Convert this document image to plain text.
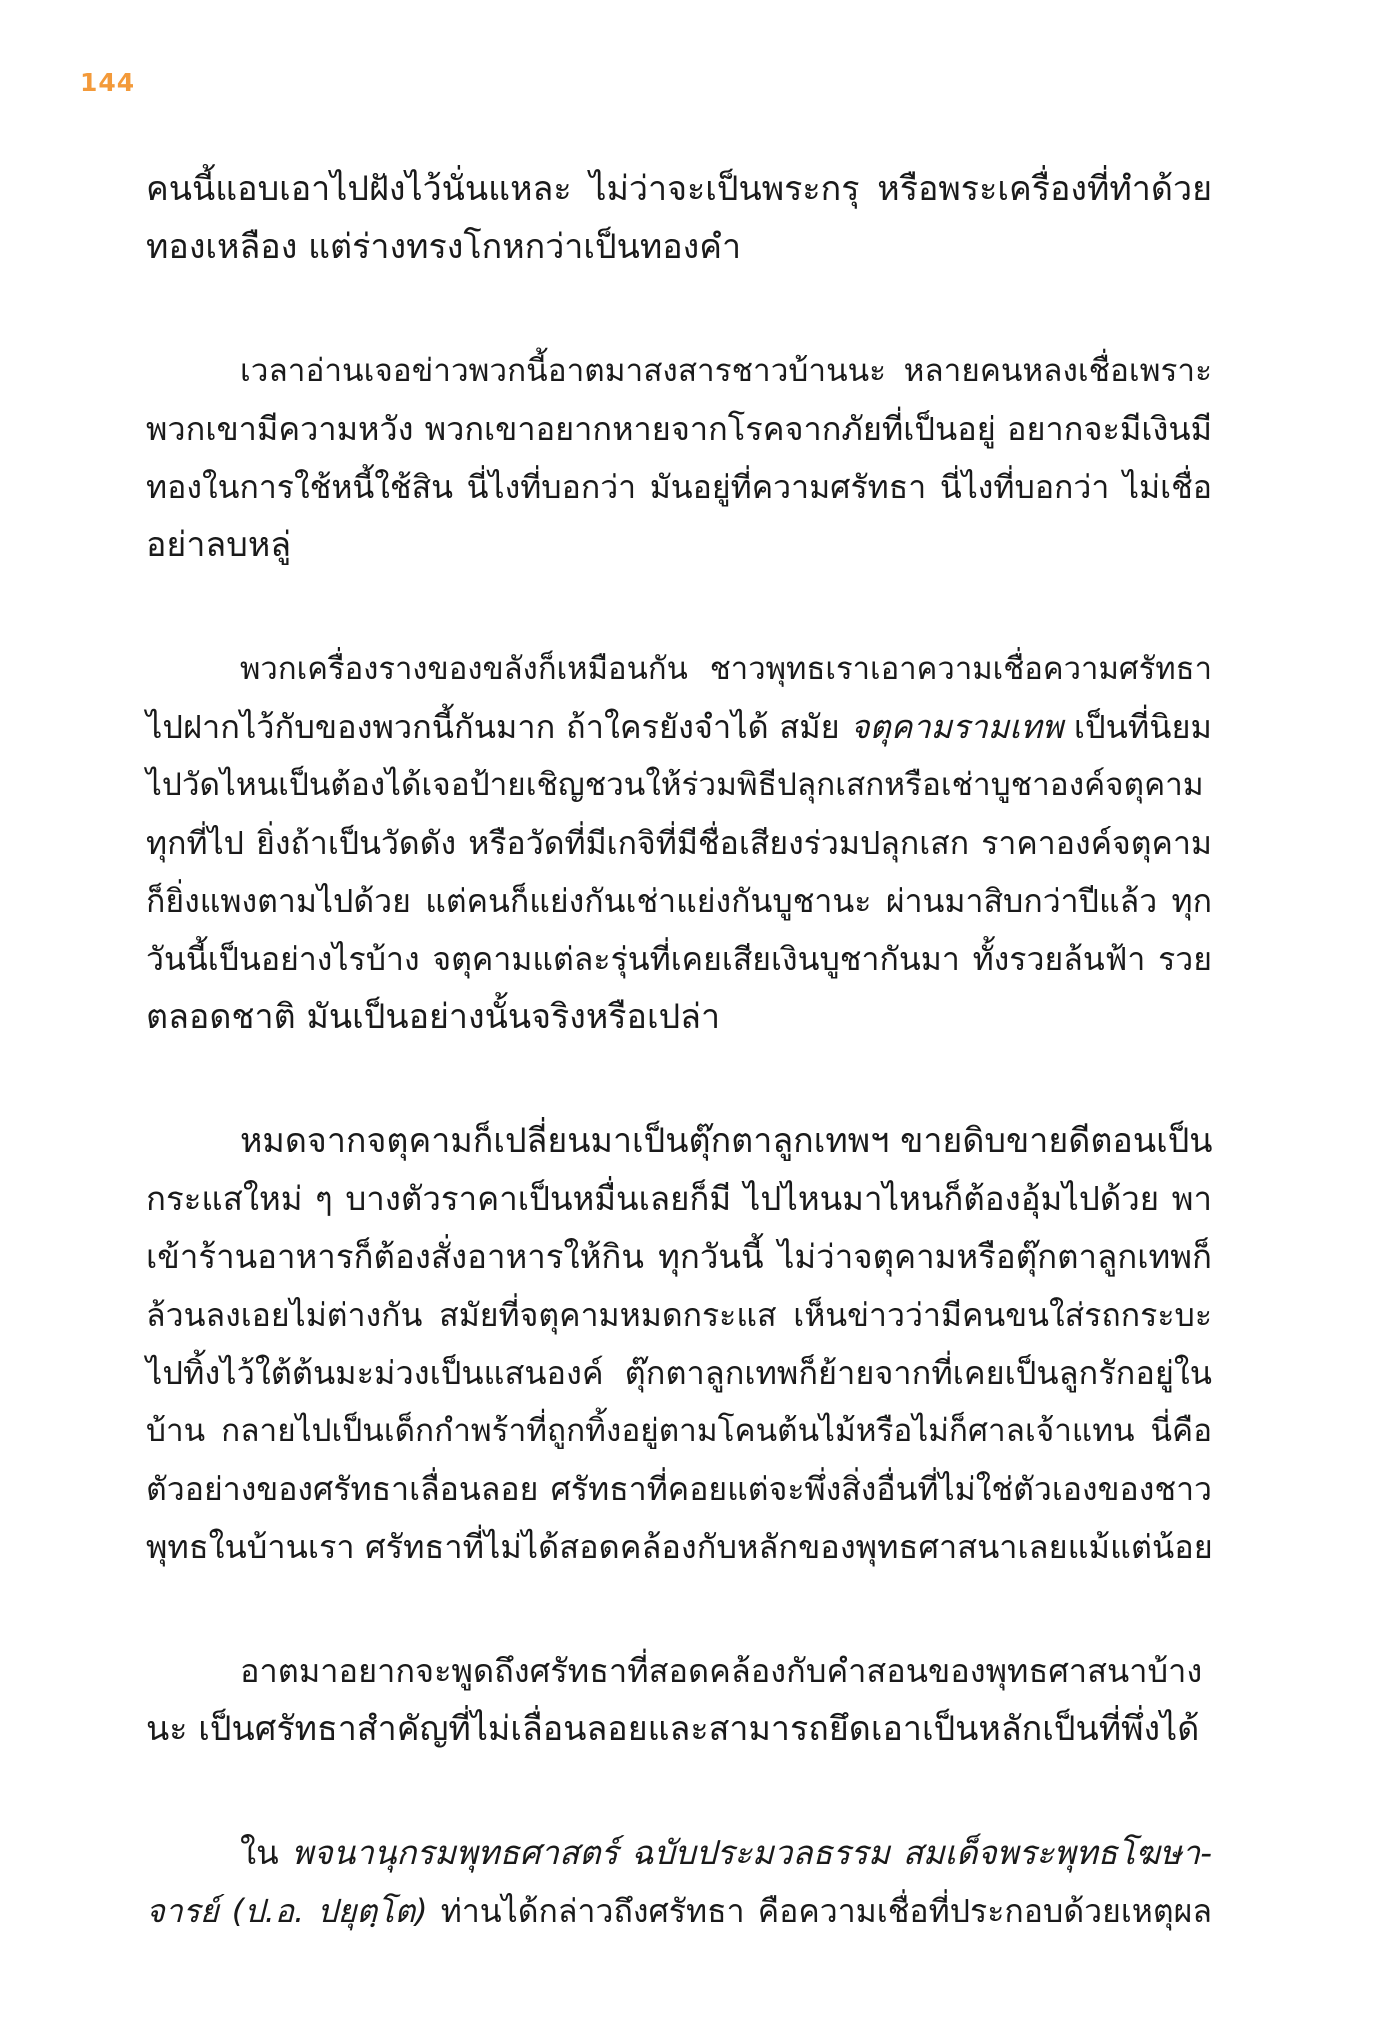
144
คนนี้แอบเอาไปฝังไว้นั่นแหละ ไม่ว่าจะเป็นพระกรุ หรือพระเครื่องที่ทำด้วย
ทองเหลือง แต่ร่างทรงโกหกว่าเป็นทองคำ
เวลาอ่านเจอข่าวพวกนี้อาตมาสงสารชาวบ้านนะ หลายคนหลงเชื่อเพราะ
พวกเขามีความหวัง พวกเขาอยากหายจากโรคจากภัยที่เป็นอยู่ อยากจะมีเงินมี
ทองในการใช้หนี้ใช้สิน นี่ไงที่บอกว่า มันอยู่ที่ความศรัทธา นี่ไงที่บอกว่า ไม่เชื่อ
อย่าลบหลู่
พวกเครื่องรางของขลังก็เหมือนกัน ชาวพุทธเราเอาความเชื่อความศรัทธา
ไปฝากไว้กับของพวกนี้กันมาก ถ้าใครยังจำได้ สมัย จตุคามรามเทพ เป็นที่นิยม
ไปวัดไหนเป็นต้องได้เจอป้ายเชิญชวนให้ร่วมพิธีปลุกเสกหรือเช่าบูชาองค์จตุคาม
ทุกที่ไป ยิ่งถ้าเป็นวัดดัง หรือวัดที่มีเกจิที่มีชื่อเสียงร่วมปลุกเสก ราคาองค์จตุคาม
ก็ยิ่งแพงตามไปด้วย แต่คนก็แย่งกันเช่าแย่งกันบูชานะ ผ่านมาสิบกว่าปีแล้ว ทุก
วันนี้เป็นอย่างไรบ้าง จตุคามแต่ละรุ่นที่เคยเสียเงินบูชากันมา ทั้งรวยล้นฟ้า รวย
ตลอดชาติ มันเป็นอย่างนั้นจริงหรือเปล่า
หมดจากจตุคามก็เปลี่ยนมาเป็นตุ๊กตาลูกเทพฯ ขายดิบขายดีตอนเป็น
กระแสใหม่ ๆ บางตัวราคาเป็นหมื่นเลยก็มี ไปไหนมาไหนก็ต้องอุ้มไปด้วย พา
เข้าร้านอาหารก็ต้องสั่งอาหารให้กิน ทุกวันนี้ ไม่ว่าจตุคามหรือตุ๊กตาลูกเทพก็
ล้วนลงเอยไม่ต่างกัน สมัยที่จตุคามหมดกระแส เห็นข่าวว่ามีคนขนใส่รถกระบะ
ไปทิ้งไว้ใต้ต้นมะม่วงเป็นแสนองค์ ตุ๊กตาลูกเทพก็ย้ายจากที่เคยเป็นลูกรักอยู่ใน
บ้าน กลายไปเป็นเด็กกำพร้าที่ถูกทิ้งอยู่ตามโคนต้นไม้หรือไม่ก็ศาลเจ้าแทน นี่คือ
ตัวอย่างของศรัทธาเลื่อนลอย ศรัทธาที่คอยแต่จะพึ่งสิ่งอื่นที่ไม่ใช่ตัวเองของชาว
พุทธในบ้านเรา ศรัทธาที่ไม่ได้สอดคล้องกับหลักของพุทธศาสนาเลยแม้แต่น้อย
อาตมาอยากจะพูดถึงศรัทธาที่สอดคล้องกับคำสอนของพุทธศาสนาบ้าง
นะ เป็นศรัทธาสำคัญที่ไม่เลื่อนลอยและสามารถยึดเอาเป็นหลักเป็นที่พึ่งได้
ใน พจนานุกรมพุทธศาสตร์ ฉบับประมวลธรรม สมเด็จพระพุทธโฆษา-
จารย์ (ป.อ. ปยุตฺโต) ท่านได้กล่าวถึงศรัทธา คือความเชื่อที่ประกอบด้วยเหตุผล
